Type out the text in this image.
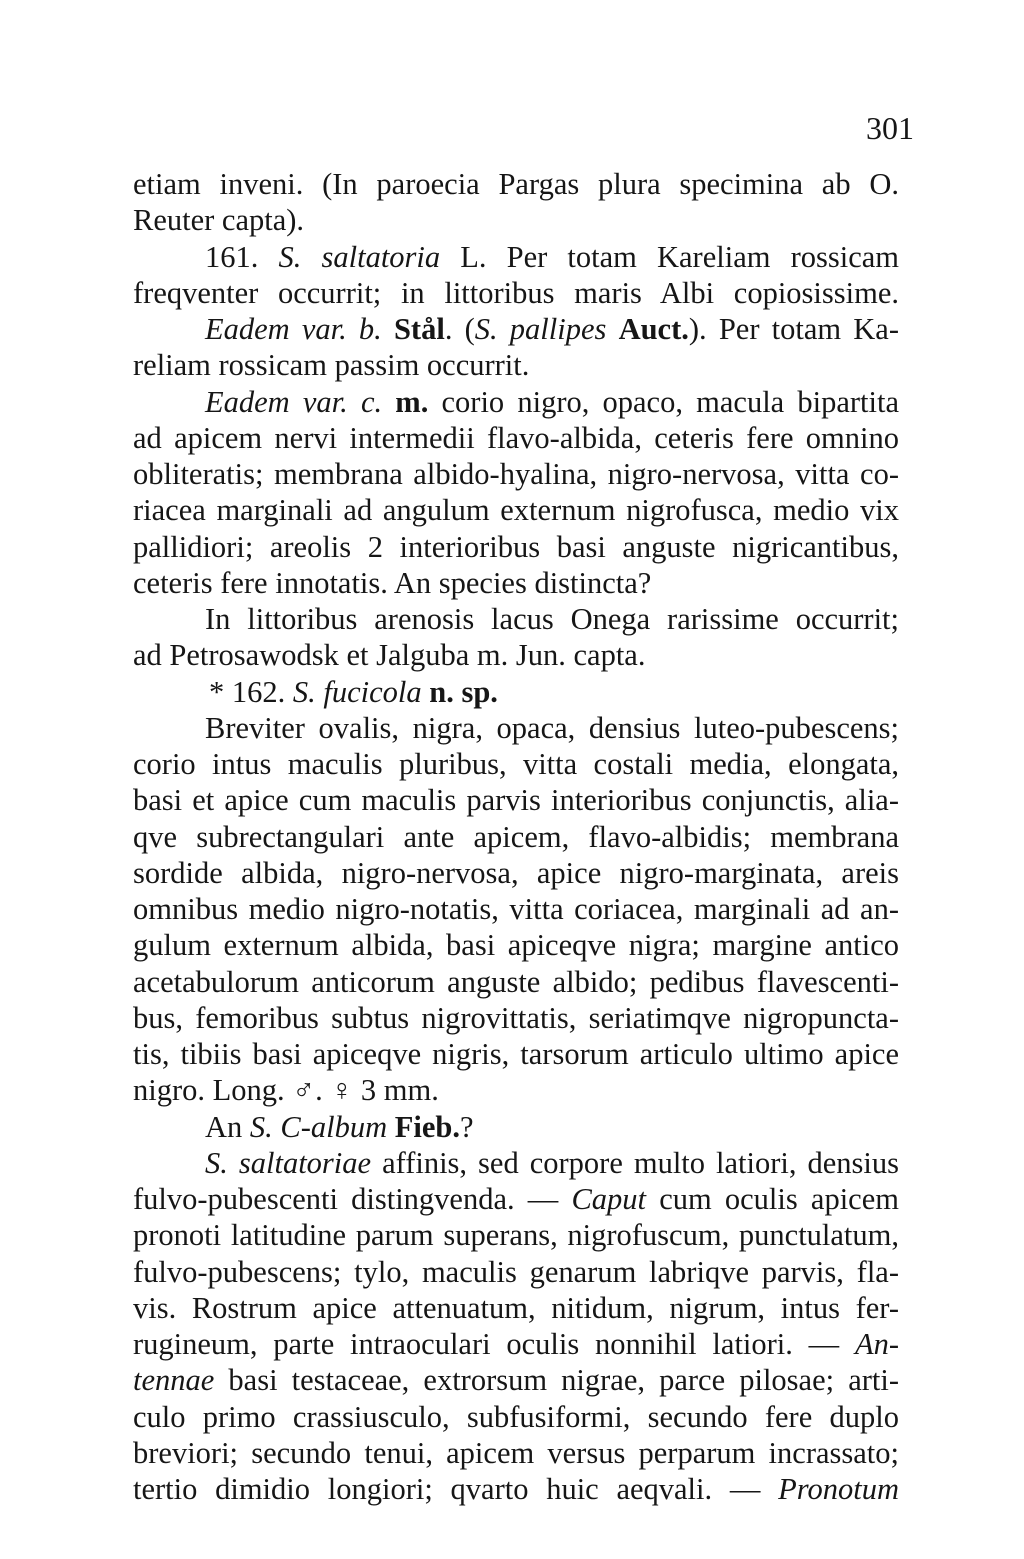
301
etiam inveni. (In paroecia Pargas plura specimina ab O.
Reuter capta).
161. S. saltatoria L. Per totam Kareliam rossicam
freqventer occurrit; in littoribus maris Albi copiosissime.
Eadem var. b. Stål. (S. pallipes Auct.). Per totam Ka-
reliam rossicam passim occurrit.
Eadem var. c. m. corio nigro, opaco, macula bipartita
ad apicem nervi intermedii flavo-albida, ceteris fere omnino
obliteratis; membrana albido-hyalina, nigro-nervosa, vitta co-
riacea marginali ad angulum externum nigrofusca, medio vix
pallidiori; areolis 2 interioribus basi anguste nigricantibus,
ceteris fere innotatis. An species distincta?
In littoribus arenosis lacus Onega rarissime occurrit;
ad Petrosawodsk et Jalguba m. Jun. capta.
* 162. S. fucicola n. sp.
Breviter ovalis, nigra, opaca, densius luteo-pubescens;
corio intus maculis pluribus, vitta costali media, elongata,
basi et apice cum maculis parvis interioribus conjunctis, alia-
qve subrectangulari ante apicem, flavo-albidis; membrana
sordide albida, nigro-nervosa, apice nigro-marginata, areis
omnibus medio nigro-notatis, vitta coriacea, marginali ad an-
gulum externum albida, basi apiceqve nigra; margine antico
acetabulorum anticorum anguste albido; pedibus flavescenti-
bus, femoribus subtus nigrovittatis, seriatimqve nigropuncta-
tis, tibiis basi apiceqve nigris, tarsorum articulo ultimo apice
nigro. Long. ♂. ♀ 3 mm.
An S. C-album Fieb.?
S. saltatoriae affinis, sed corpore multo latiori, densius
fulvo-pubescenti distingvenda. — Caput cum oculis apicem
pronoti latitudine parum superans, nigrofuscum, punctulatum,
fulvo-pubescens; tylo, maculis genarum labriqve parvis, fla-
vis. Rostrum apice attenuatum, nitidum, nigrum, intus fer-
rugineum, parte intraoculari oculis nonnihil latiori. — An-
tennae basi testaceae, extrorsum nigrae, parce pilosae; arti-
culo primo crassiusculo, subfusiformi, secundo fere duplo
breviori; secundo tenui, apicem versus perparum incrassato;
tertio dimidio longiori; qvarto huic aeqvali. — Pronotum
